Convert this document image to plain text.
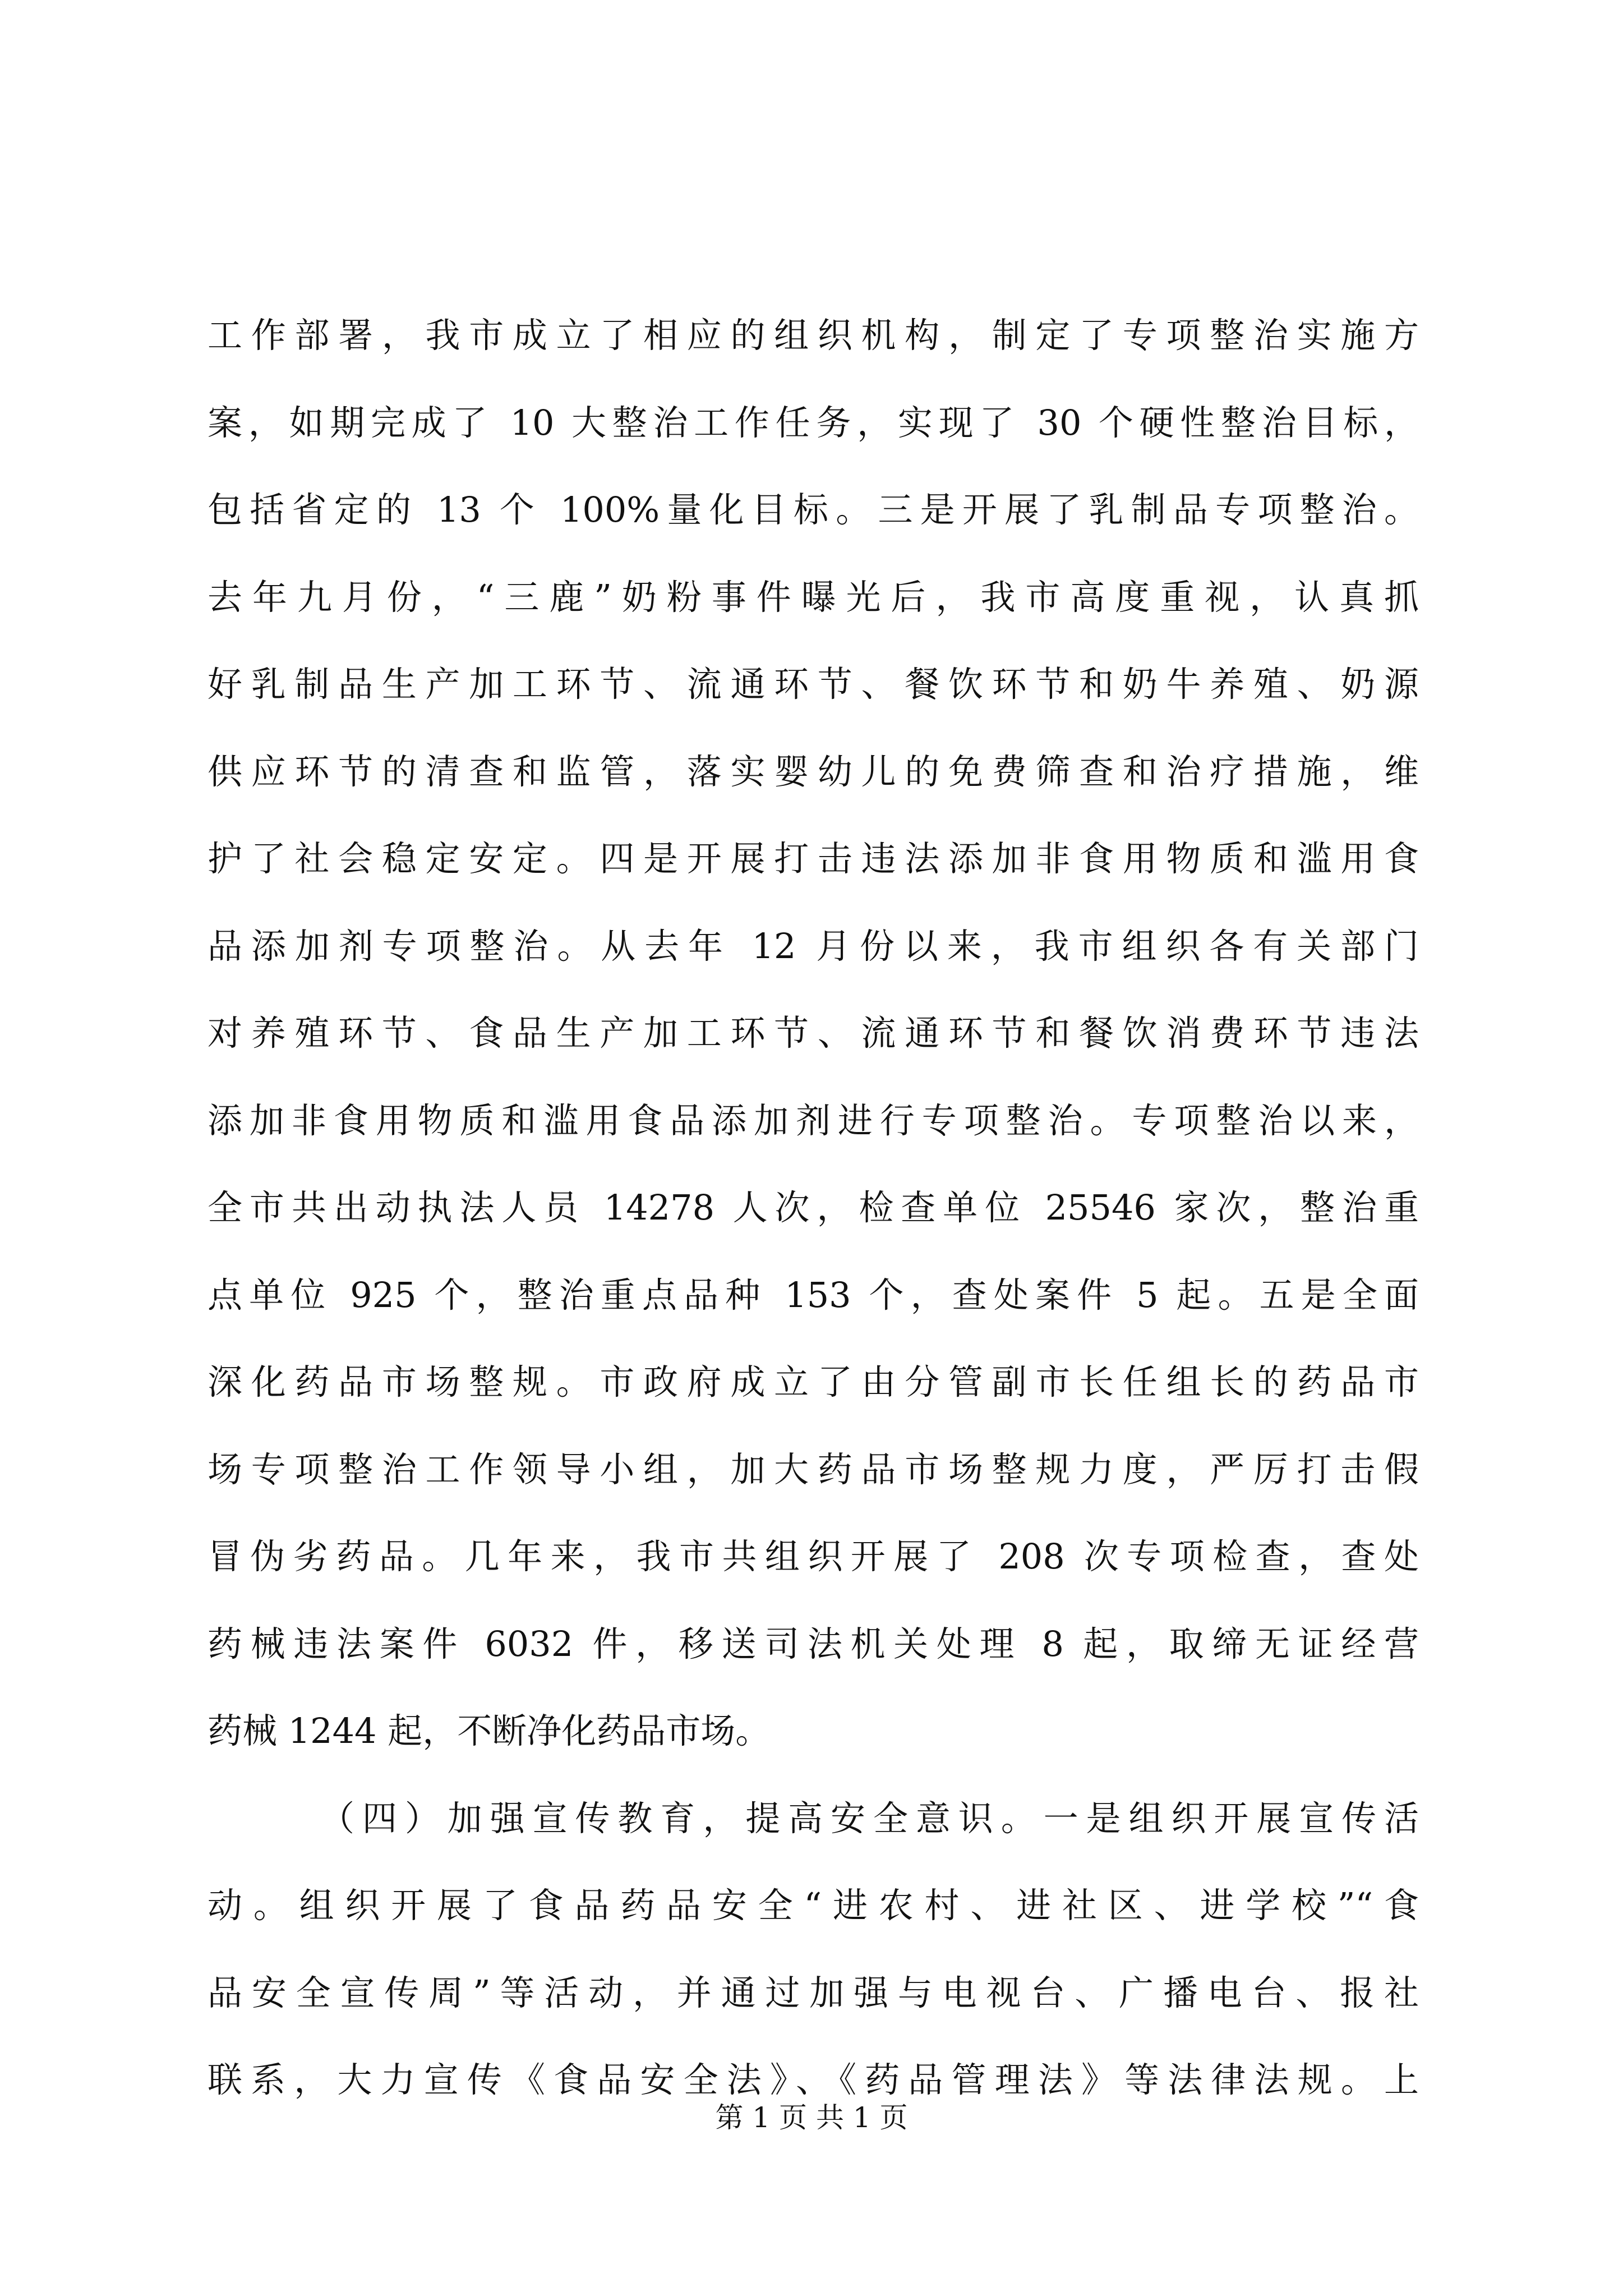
工作部署，我市成立了相应的组织机构，制定了专项整治实施方
案，如期完成了 10 大整治工作任务，实现了 30 个硬性整治目标，
包括省定的 13 个 100%量化目标。三是开展了乳制品专项整治。
去年九月份，“三鹿”奶粉事件曝光后，我市高度重视，认真抓
好乳制品生产加工环节、流通环节、餐饮环节和奶牛养殖、奶源
供应环节的清查和监管，落实婴幼儿的免费筛查和治疗措施，维
护了社会稳定安定。四是开展打击违法添加非食用物质和滥用食
品添加剂专项整治。从去年 12 月份以来，我市组织各有关部门
对养殖环节、食品生产加工环节、流通环节和餐饮消费环节违法
添加非食用物质和滥用食品添加剂进行专项整治。专项整治以来，
全市共出动执法人员 14278 人次，检查单位 25546 家次，整治重
点单位 925 个，整治重点品种 153 个，查处案件 5 起。五是全面
深化药品市场整规。市政府成立了由分管副市长任组长的药品市
场专项整治工作领导小组，加大药品市场整规力度，严厉打击假
冒伪劣药品。几年来，我市共组织开展了 208 次专项检查，查处
药械违法案件 6032 件，移送司法机关处理 8 起，取缔无证经营
药械 1244 起，不断净化药品市场。
（四）加强宣传教育，提高安全意识。一是组织开展宣传活
动。组织开展了食品药品安全“进农村、进社区、进学校”“食
品安全宣传周”等活动，并通过加强与电视台、广播电台、报社
联系，大力宣传《食品安全法》、《药品管理法》等法律法规。上
第 1 页 共 1 页
